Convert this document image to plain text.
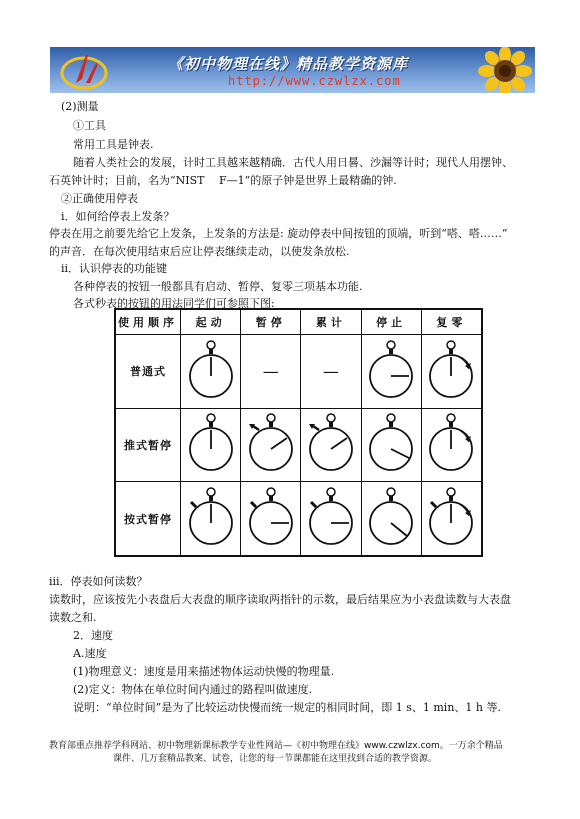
《初中物理在线》精品教学资源库
http://www.czwlzx.com
(2)测量
①工具
常用工具是钟表.
随着人类社会的发展，计时工具越来越精确．古代人用日晷、沙漏等计时；现代人用摆钟、
石英钟计时；目前，名为“NIST　 F—1”的原子钟是世界上最精确的钟.
②正确使用停表
i．如何给停表上发条？
停表在用之前要先给它上发条，上发条的方法是: 旋动停表中间按钮的顶端，听到“嗒、嗒……”
的声音．在每次使用结束后应让停表继续走动，以使发条放松.
ii．认识停表的功能键
各种停表的按钮一般都具有启动、暂停、复零三项基本功能.
各式秒表的按钮的用法同学们可参照下图:
使用顺序	起动	暂停	累计	停止	复零
普通式		—	—		
推式暂停					
按式暂停					
iii．停表如何读数？
读数时，应该按先小表盘后大表盘的顺序读取两指针的示数，最后结果应为小表盘读数与大表盘
读数之和.
2．速度
A.速度
(1)物理意义：速度是用来描述物体运动快慢的物理量.
(2)定义：物体在单位时间内通过的路程叫做速度.
说明：“单位时间”是为了比较运动快慢而统一规定的相同时间，即 1 s、1 min、1 h 等.
教育部重点推荐学科网站、初中物理新课标教学专业性网站—《初中物理在线》www.czwlzx.com。一万余个精品
课件、几万套精品教案、试卷，让您的每一节课都能在这里找到合适的教学资源。
